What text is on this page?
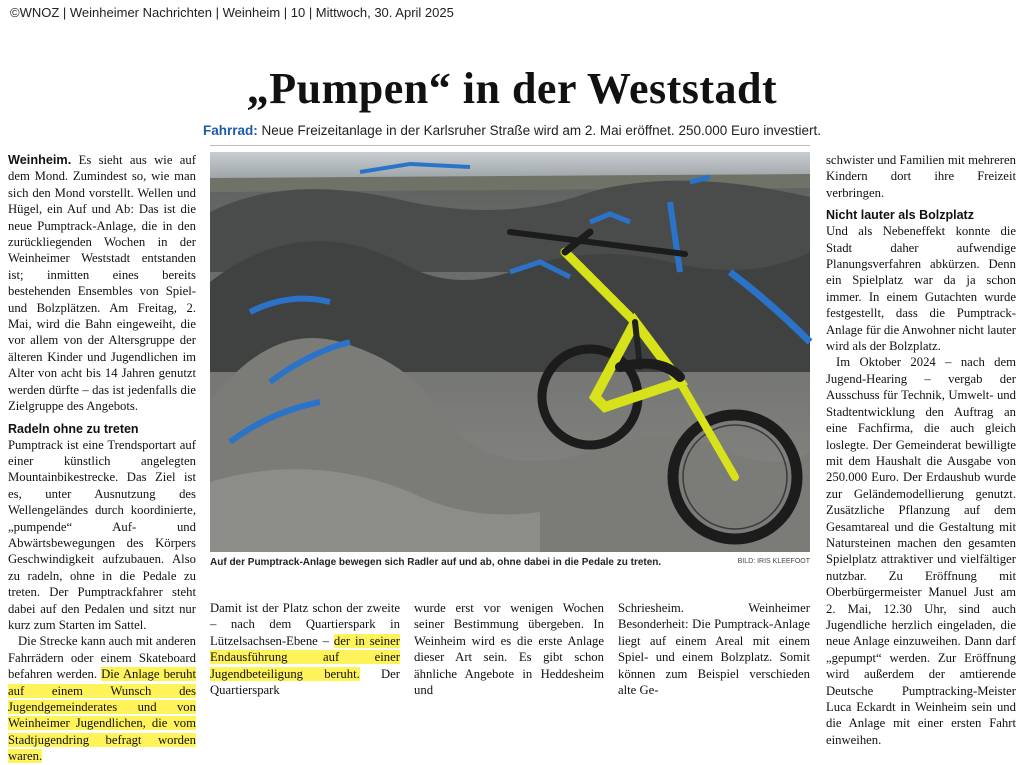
©WNOZ | Weinheimer Nachrichten | Weinheim | 10 | Mittwoch, 30. April 2025
„Pumpen“ in der Weststadt
Fahrrad: Neue Freizeitanlage in der Karlsruher Straße wird am 2. Mai eröffnet. 250.000 Euro investiert.

Weinheim. Es sieht aus wie auf dem Mond. Zumindest so, wie man sich den Mond vorstellt. Wellen und Hügel, ein Auf und Ab: Das ist die neue Pumptrack-Anlage, die in den zurückliegenden Wochen in der Weinheimer Weststadt entstanden ist; inmitten eines bereits bestehenden Ensembles von Spiel- und Bolzplätzen. Am Freitag, 2. Mai, wird die Bahn eingeweiht, die vor allem von der Altersgruppe der älteren Kinder und Jugendlichen im Alter von acht bis 14 Jahren genutzt werden dürfte – das ist jedenfalls die Zielgruppe des Angebots.

Radeln ohne zu treten

Pumptrack ist eine Trendsportart auf einer künstlich angelegten Mountainbikestrecke. Das Ziel ist es, unter Ausnutzung des Wellengeländes durch koordinierte, „pumpende“ Auf- und Abwärtsbewegungen des Körpers Geschwindigkeit aufzubauen. Also zu radeln, ohne in die Pedale zu treten. Der Pumptrackfahrer steht dabei auf den Pedalen und sitzt nur kurz zum Starten im Sattel.

Die Strecke kann auch mit anderen Fahrrädern oder einem Skateboard befahren werden. Die Anlage beruht auf einem Wunsch des Jugendgemeinderates und von Weinheimer Jugendlichen, die vom Stadtjugendring befragt worden waren.

Auf der Pumptrack-Anlage bewegen sich Radler auf und ab, ohne dabei in die Pedale zu treten.	BILD: IRIS KLEEFOOT

Damit ist der Platz schon der zweite – nach dem Quartierspark in Lützelsachsen-Ebene – der in seiner Endausführung auf einer Jugendbeteiligung beruht. Der Quartierspark

wurde erst vor wenigen Wochen seiner Bestimmung übergeben. In Weinheim wird es die erste Anlage dieser Art sein. Es gibt schon ähnliche Angebote in Heddesheim und

Schriesheim. Weinheimer Besonderheit: Die Pumptrack-Anlage liegt auf einem Areal mit einem Spiel- und einem Bolzplatz. Somit können zum Beispiel verschieden alte Ge-

schwister und Familien mit mehreren Kindern dort ihre Freizeit verbringen.

Nicht lauter als Bolzplatz

Und als Nebeneffekt konnte die Stadt daher aufwendige Planungsverfahren abkürzen. Denn ein Spielplatz war da ja schon immer. In einem Gutachten wurde festgestellt, dass die Pumptrack-Anlage für die Anwohner nicht lauter wird als der Bolzplatz.

Im Oktober 2024 – nach dem Jugend-Hearing – vergab der Ausschuss für Technik, Umwelt- und Stadtentwicklung den Auftrag an eine Fachfirma, die auch gleich loslegte. Der Gemeinderat bewilligte mit dem Haushalt die Ausgabe von 250.000 Euro. Der Erdaushub wurde zur Geländemodellierung genutzt. Zusätzliche Pflanzung auf dem Gesamtareal und die Gestaltung mit Natursteinen machen den gesamten Spielplatz attraktiver und vielfältiger nutzbar. Zu Eröffnung mit Oberbürgermeister Manuel Just am 2. Mai, 12.30 Uhr, sind auch Jugendliche herzlich eingeladen, die neue Anlage einzuweihen. Dann darf „gepumpt“ werden. Zur Eröffnung wird außerdem der amtierende Deutsche Pumptracking-Meister Luca Eckardt in Weinheim sein und die Anlage mit einer ersten Fahrt einweihen.
